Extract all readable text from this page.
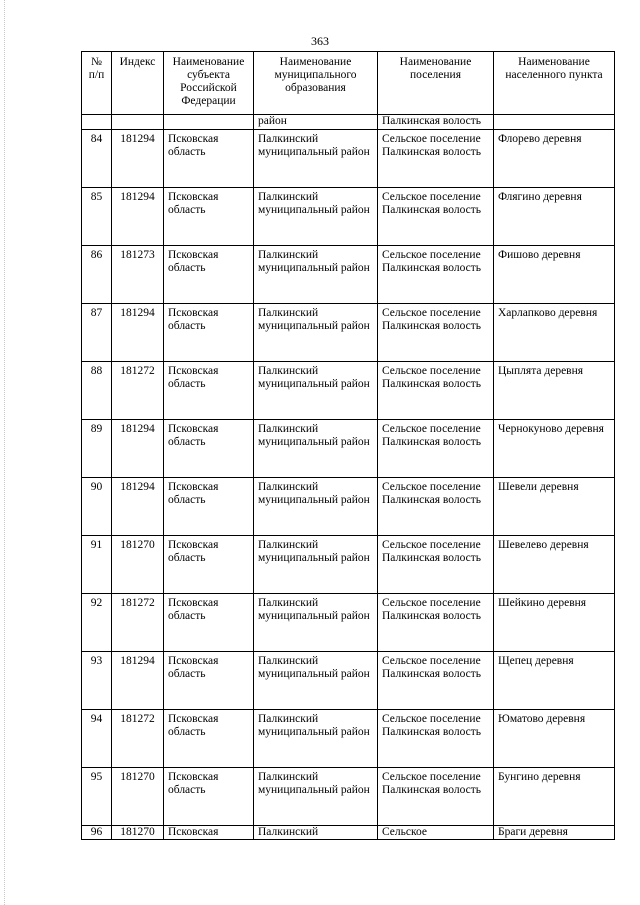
363
№ п/п	Индекс	Наименование субъекта Российской Федерации	Наименование муниципального образования	Наименование поселения	Наименование населенного пункта
			район	Палкинская волость	
84	181294	Псковская область	Палкинский муниципальный район	Сельское поселение Палкинская волость	Флорево деревня
85	181294	Псковская область	Палкинский муниципальный район	Сельское поселение Палкинская волость	Флягино деревня
86	181273	Псковская область	Палкинский муниципальный район	Сельское поселение Палкинская волость	Фишово деревня
87	181294	Псковская область	Палкинский муниципальный район	Сельское поселение Палкинская волость	Харлапково деревня
88	181272	Псковская область	Палкинский муниципальный район	Сельское поселение Палкинская волость	Цыплята деревня
89	181294	Псковская область	Палкинский муниципальный район	Сельское поселение Палкинская волость	Чернокуново деревня
90	181294	Псковская область	Палкинский муниципальный район	Сельское поселение Палкинская волость	Шевели деревня
91	181270	Псковская область	Палкинский муниципальный район	Сельское поселение Палкинская волость	Шевелево деревня
92	181272	Псковская область	Палкинский муниципальный район	Сельское поселение Палкинская волость	Шейкино деревня
93	181294	Псковская область	Палкинский муниципальный район	Сельское поселение Палкинская волость	Щепец деревня
94	181272	Псковская область	Палкинский муниципальный район	Сельское поселение Палкинская волость	Юматово деревня
95	181270	Псковская область	Палкинский муниципальный район	Сельское поселение Палкинская волость	Бунгино деревня
96	181270	Псковская	Палкинский	Сельское	Браги деревня
